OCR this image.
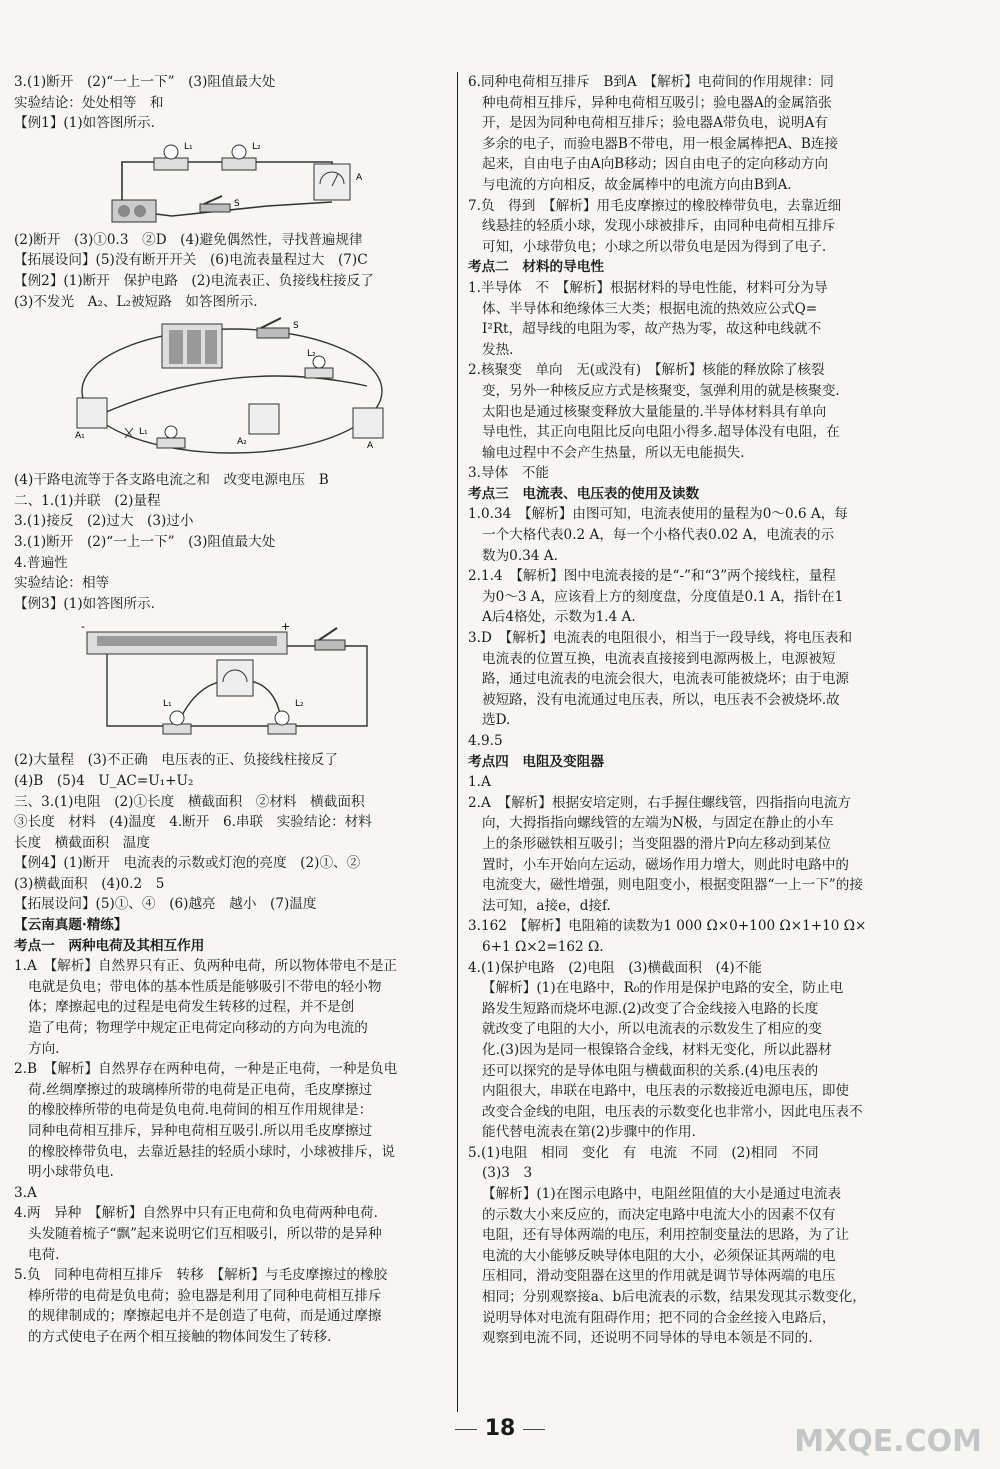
3.(1)断开　(2)“一上一下”　(3)阻值最大处
实验结论：处处相等　和
【例1】(1)如答图所示.
L₁	L₂
A
S
(2)断开　(3)①0.3　②D　(4)避免偶然性，寻找普遍规律
【拓展设问】(5)没有断开开关　(6)电流表量程过大　(7)C
【例2】(1)断开　保护电路　(2)电流表正、负接线柱接反了
(3)不发光　A₂、L₂被短路　如答图所示.
S
L₂
A₂
A₁	L₁
A
(4)干路电流等于各支路电流之和　改变电源电压　B
二、1.(1)并联　(2)量程
3.(1)接反　(2)过大　(3)过小
3.(1)断开　(2)“一上一下”　(3)阻值最大处
4.普遍性
实验结论：相等
【例3】(1)如答图所示.
-	+
L₁	L₂
(2)大量程　(3)不正确　电压表的正、负接线柱接反了
(4)B　(5)4　U_AC=U₁+U₂
三、3.(1)电阻　(2)①长度　横截面积　②材料　横截面积
③长度　材料　(4)温度　4.断开　6.串联　实验结论：材料
长度　横截面积　温度
【例4】(1)断开　电流表的示数或灯泡的亮度　(2)①、②
(3)横截面积　(4)0.2　5
【拓展设问】(5)①、④　(6)越亮　越小　(7)温度
【云南真题·精练】
考点一　两种电荷及其相互作用
1.A　【解析】自然界只有正、负两种电荷，所以物体带电不是正
电就是负电；带电体的基本性质是能够吸引不带电的轻小物
体；摩擦起电的过程是电荷发生转移的过程，并不是创
造了电荷；物理学中规定正电荷定向移动的方向为电流的
方向.
2.B　【解析】自然界存在两种电荷，一种是正电荷，一种是负电
荷.丝绸摩擦过的玻璃棒所带的电荷是正电荷，毛皮摩擦过
的橡胶棒所带的电荷是负电荷.电荷间的相互作用规律是：
同种电荷相互排斥，异种电荷相互吸引.所以用毛皮摩擦过
的橡胶棒带负电，去靠近悬挂的轻质小球时，小球被排斥，说
明小球带负电.
3.A
4.两　异种　【解析】自然界中只有正电荷和负电荷两种电荷.
头发随着梳子“飘”起来说明它们互相吸引，所以带的是异种
电荷.
5.负　同种电荷相互排斥　转移　【解析】与毛皮摩擦过的橡胶
棒所带的电荷是负电荷；验电器是利用了同种电荷相互排斥
的规律制成的；摩擦起电并不是创造了电荷，而是通过摩擦
的方式使电子在两个相互接触的物体间发生了转移.
6.同种电荷相互排斥　B到A　【解析】电荷间的作用规律：同
种电荷相互排斥，异种电荷相互吸引；验电器A的金属箔张
开，是因为同种电荷相互排斥；验电器A带负电，说明A有
多余的电子，而验电器B不带电，用一根金属棒把A、B连接
起来，自由电子由A向B移动；因自由电子的定向移动方向
与电流的方向相反，故金属棒中的电流方向由B到A.
7.负　得到　【解析】用毛皮摩擦过的橡胶棒带负电，去靠近细
线悬挂的轻质小球，发现小球被排斥，由同种电荷相互排斥
可知，小球带负电；小球之所以带负电是因为得到了电子.
考点二　材料的导电性
1.半导体　不　【解析】根据材料的导电性能，材料可分为导
体、半导体和绝缘体三大类；根据电流的热效应公式Q=
I²Rt，超导线的电阻为零，故产热为零，故这种电线就不
发热.
2.核聚变　单向　无(或没有)　【解析】核能的释放除了核裂
变，另外一种核反应方式是核聚变，氢弹利用的就是核聚变.
太阳也是通过核聚变释放大量能量的.半导体材料具有单向
导电性，其正向电阻比反向电阻小得多.超导体没有电阻，在
输电过程中不会产生热量，所以无电能损失.
3.导体　不能
考点三　电流表、电压表的使用及读数
1.0.34　【解析】由图可知，电流表使用的量程为0～0.6 A，每
一个大格代表0.2 A，每一个小格代表0.02 A，电流表的示
数为0.34 A.
2.1.4　【解析】图中电流表接的是“-”和“3”两个接线柱，量程
为0～3 A，应该看上方的刻度盘，分度值是0.1 A，指针在1
A后4格处，示数为1.4 A.
3.D　【解析】电流表的电阻很小，相当于一段导线，将电压表和
电流表的位置互换，电流表直接接到电源两极上，电源被短
路，通过电流表的电流会很大，电流表可能被烧坏；由于电源
被短路，没有电流通过电压表，所以，电压表不会被烧坏.故
选D.
4.9.5
考点四　电阻及变阻器
1.A
2.A　【解析】根据安培定则，右手握住螺线管，四指指向电流方
向，大拇指指向螺线管的左端为N极，与固定在静止的小车
上的条形磁铁相互吸引；当变阻器的滑片P向左移动到某位
置时，小车开始向左运动，磁场作用力增大，则此时电路中的
电流变大，磁性增强，则电阻变小，根据变阻器“一上一下”的接
法可知，a接e，d接f.
3.162　【解析】电阻箱的读数为1 000 Ω×0+100 Ω×1+10 Ω×
6+1 Ω×2=162 Ω.
4.(1)保护电路　(2)电阻　(3)横截面积　(4)不能
【解析】(1)在电路中，R₀的作用是保护电路的安全，防止电
路发生短路而烧坏电源.(2)改变了合金线接入电路的长度
就改变了电阻的大小，所以电流表的示数发生了相应的变
化.(3)因为是同一根镍铬合金线，材料无变化，所以此器材
还可以探究的是导体电阻与横截面积的关系.(4)电压表的
内阻很大，串联在电路中，电压表的示数接近电源电压，即使
改变合金线的电阻，电压表的示数变化也非常小，因此电压表不
能代替电流表在第(2)步骤中的作用.
5.(1)电阻　相同　变化　有　电流　不同　(2)相同　不同
(3)3　3
【解析】(1)在图示电路中，电阻丝阻值的大小是通过电流表
的示数大小来反应的，而决定电路中电流大小的因素不仅有
电阻，还有导体两端的电压，利用控制变量法的思路，为了让
电流的大小能够反映导体电阻的大小，必须保证其两端的电
压相同，滑动变阻器在这里的作用就是调节导体两端的电压
相同；分别观察接a、b后电流表的示数，结果发现其示数变化，
说明导体对电流有阻碍作用；把不同的合金丝接入电路后，
观察到电流不同，还说明不同导体的导电本领是不同的.
18	MXQE.COM
